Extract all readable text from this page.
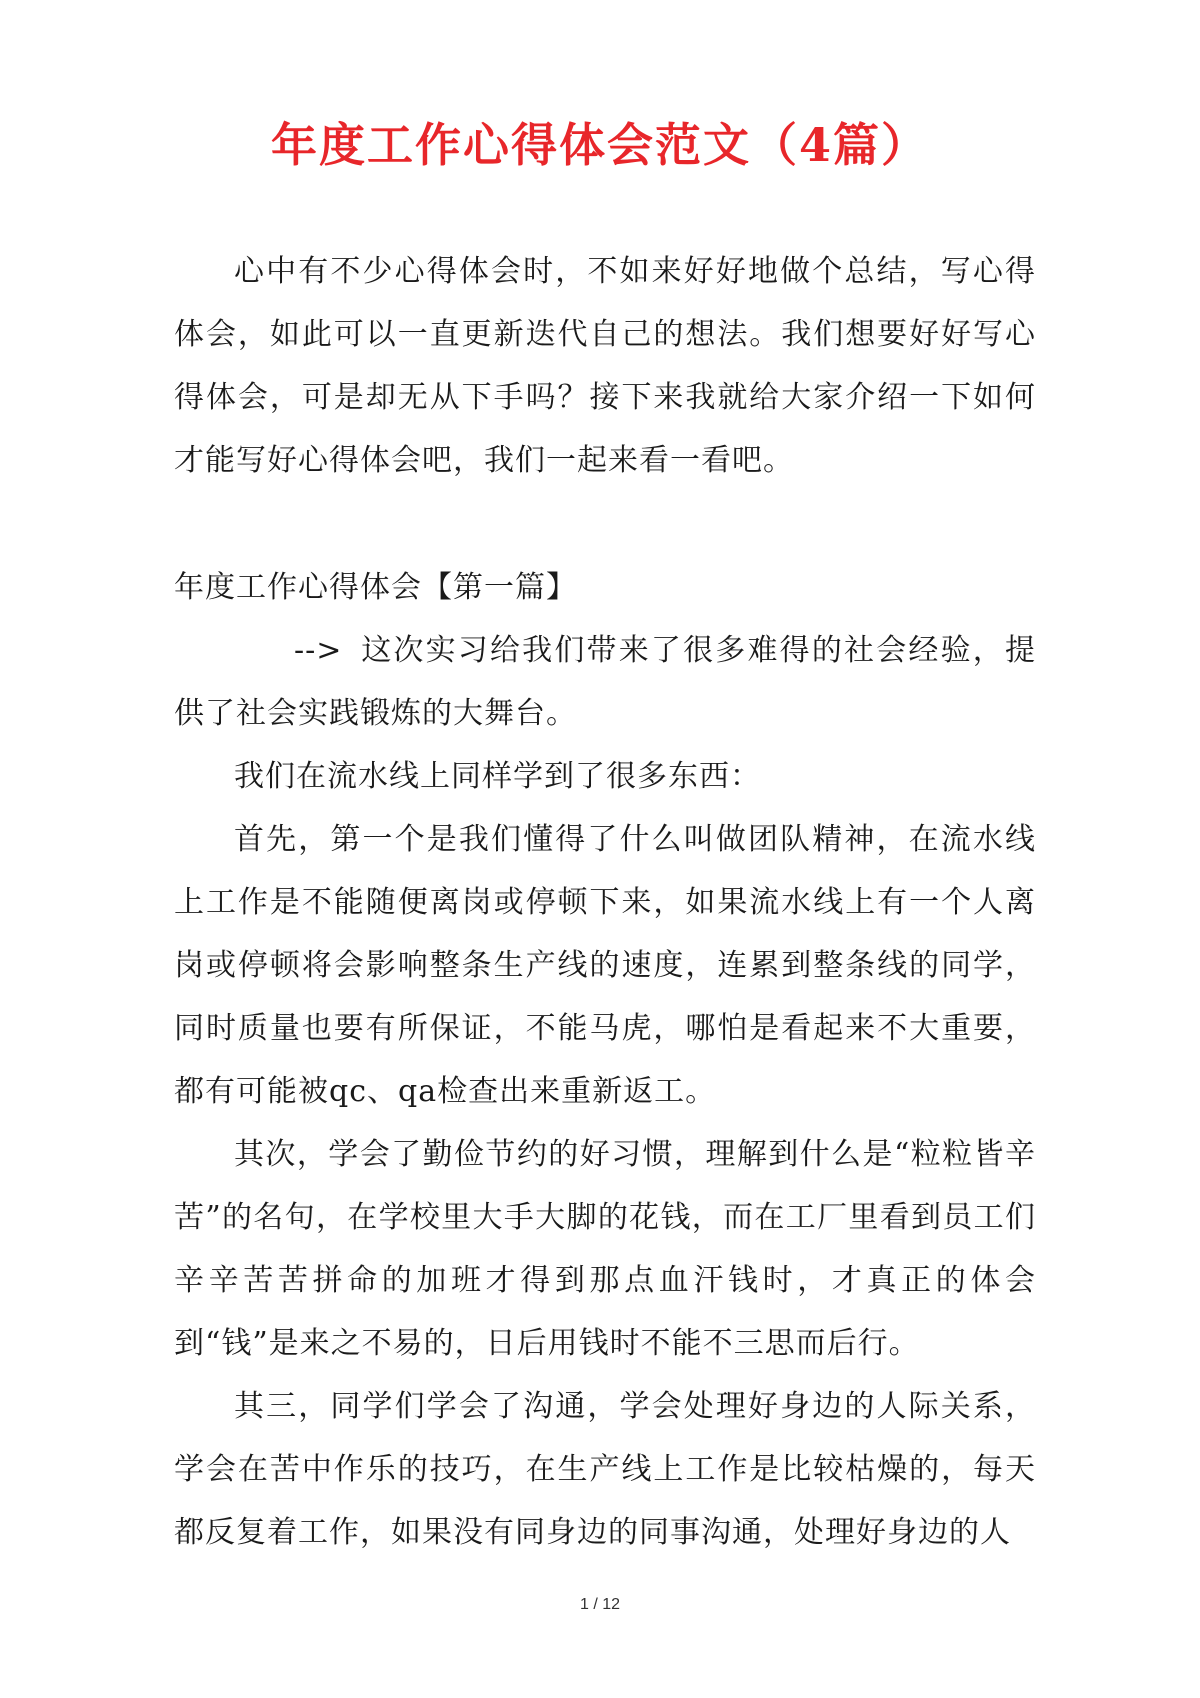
年度工作心得体会范文（4篇）

心中有不少心得体会时，不如来好好地做个总结，写心得体会，如此可以一直更新迭代自己的想法。我们想要好好写心得体会，可是却无从下手吗？接下来我就给大家介绍一下如何才能写好心得体会吧，我们一起来看一看吧。

年度工作心得体会【第一篇】

--> 这次实习给我们带来了很多难得的社会经验，提供了社会实践锻炼的大舞台。

我们在流水线上同样学到了很多东西：

首先，第一个是我们懂得了什么叫做团队精神，在流水线上工作是不能随便离岗或停顿下来，如果流水线上有一个人离岗或停顿将会影响整条生产线的速度，连累到整条线的同学，同时质量也要有所保证，不能马虎，哪怕是看起来不大重要，都有可能被qc、qa检查出来重新返工。

其次，学会了勤俭节约的好习惯，理解到什么是“粒粒皆辛苦”的名句，在学校里大手大脚的花钱，而在工厂里看到员工们辛辛苦苦拼命的加班才得到那点血汗钱时，才真正的体会到“钱”是来之不易的，日后用钱时不能不三思而后行。

其三，同学们学会了沟通，学会处理好身边的人际关系，学会在苦中作乐的技巧，在生产线上工作是比较枯燥的，每天都反复着工作，如果没有同身边的同事沟通，处理好身边的人

1 / 12
